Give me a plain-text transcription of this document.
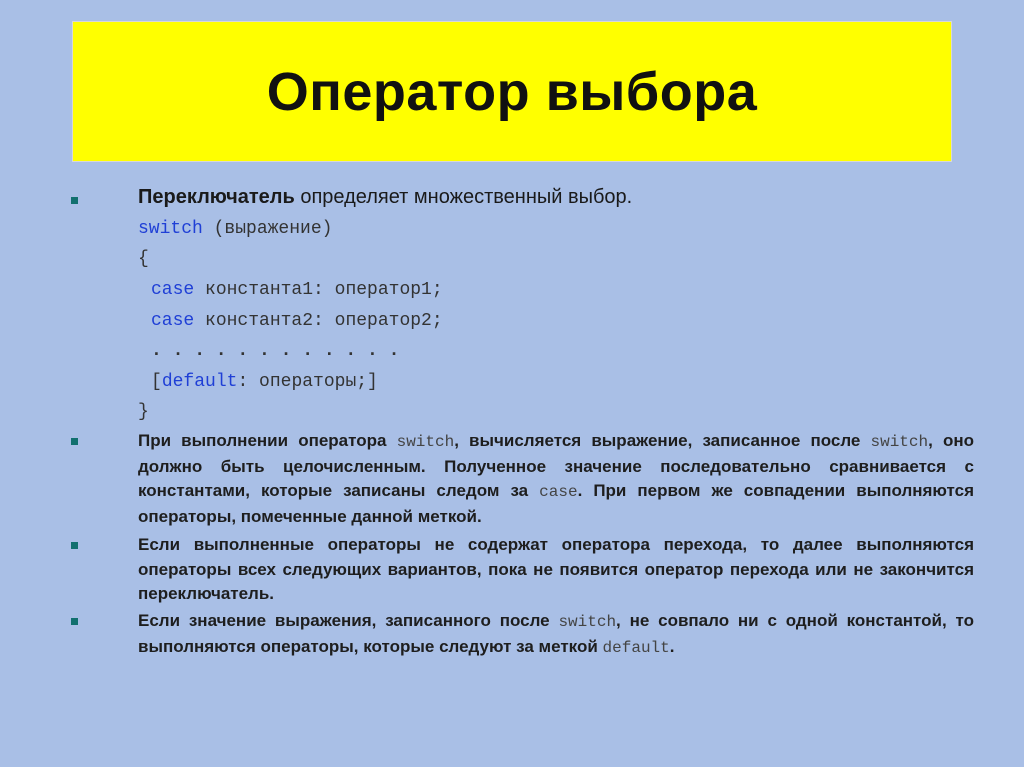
Оператор выбора
Переключатель определяет множественный выбор.
switch (выражение)
{
case константа1: оператор1;
case константа2: оператор2;
. . . . . . . . . . . .
[default: операторы;]
}
При выполнении оператора switch, вычисляется выражение, записанное после switch, оно должно быть целочисленным. Полученное значение последовательно сравнивается с константами, которые записаны следом за case. При первом же совпадении выполняются операторы, помеченные данной меткой.
Если выполненные операторы не содержат оператора перехода, то далее выполняются операторы всех следующих вариантов, пока не появится оператор перехода или не закончится переключатель.
Если значение выражения, записанного после switch, не совпало ни с одной константой, то выполняются операторы, которые следуют за меткой default.
